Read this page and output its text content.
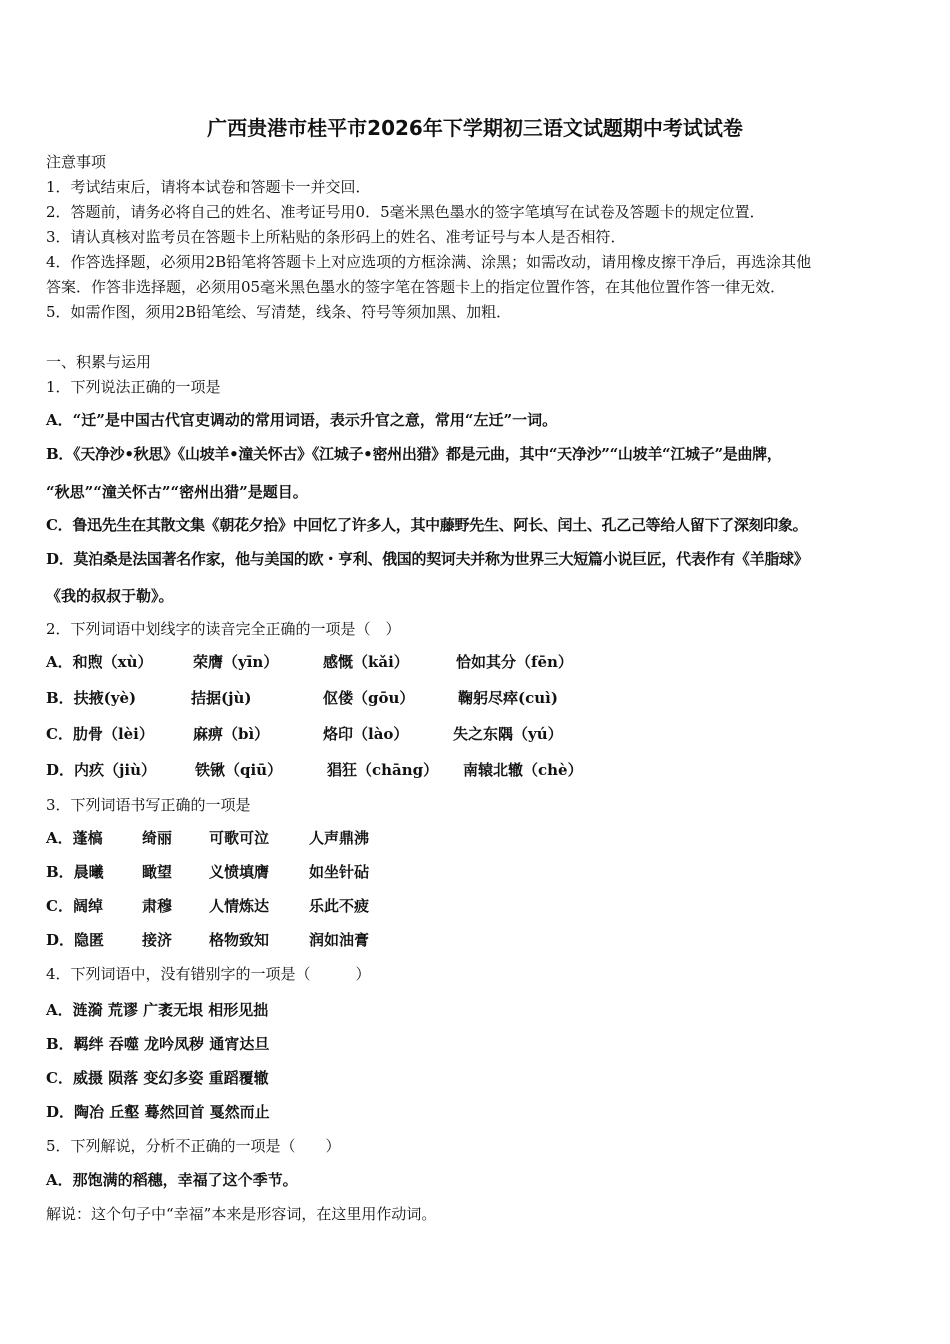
广西贵港市桂平市2026年下学期初三语文试题期中考试试卷
注意事项
1．考试结束后，请将本试卷和答题卡一并交回．
2．答题前，请务必将自己的姓名、准考证号用0．5毫米黑色墨水的签字笔填写在试卷及答题卡的规定位置．
3．请认真核对监考员在答题卡上所粘贴的条形码上的姓名、准考证号与本人是否相符．
4．作答选择题，必须用2B铅笔将答题卡上对应选项的方框涂满、涂黑；如需改动，请用橡皮擦干净后，再选涂其他
答案．作答非选择题，必须用05毫米黑色墨水的签字笔在答题卡上的指定位置作答，在其他位置作答一律无效．
5．如需作图，须用2B铅笔绘、写清楚，线条、符号等须加黑、加粗．
一、积累与运用
1．下列说法正确的一项是
A．“迁”是中国古代官吏调动的常用词语，表示升官之意，常用“左迁”一词。
B．《天净沙•秋思》《山坡羊•潼关怀古》《江城子•密州出猎》都是元曲，其中“天净沙”“山坡羊“江城子”是曲牌，
“秋思”“潼关怀古”“密州出猎”是题目。
C．鲁迅先生在其散文集《朝花夕拾》中回忆了许多人，其中藤野先生、阿长、闰土、孔乙己等给人留下了深刻印象。
D．莫泊桑是法国著名作家，他与美国的欧・亨利、俄国的契诃夫并称为世界三大短篇小说巨匠，代表作有《羊脂球》
《我的叔叔于勒》。
2．下列词语中划线字的读音完全正确的一项是（　）
A．和煦（xù）	荣膺（yīn）	感慨（kǎi）	恰如其分（fēn）
B．扶掖(yè)	拮据(jù)	伛偻（gōu）	鞠躬尽瘁(cuì)
C．肋骨（lèi）	麻痹（bì）	烙印（lào）	失之东隅（yú）
D．内疚（jiù）	铁锹（qiū）	猖狂（chāng） 南辕北辙（chè）
3．下列词语书写正确的一项是
A．蓬槁	绮丽 可歌可泣	人声鼎沸
B．晨曦	瞰望 义愤填膺	如坐针砧
C．阔绰	肃穆 人情炼达	乐此不疲
D．隐匿	接济 格物致知	润如油膏
4．下列词语中，没有错别字的一项是（　　　）
A．涟漪 荒谬 广袤无垠 相形见拙
B．羁绊 吞噬 龙吟凤秽 通宵达旦
C．威摄 陨落 变幻多姿 重蹈覆辙
D．陶冶 丘壑 蓦然回首 戛然而止
5．下列解说，分析不正确的一项是（　　）
A．那饱满的稻穗，幸福了这个季节。
解说：这个句子中“幸福”本来是形容词，在这里用作动词。
